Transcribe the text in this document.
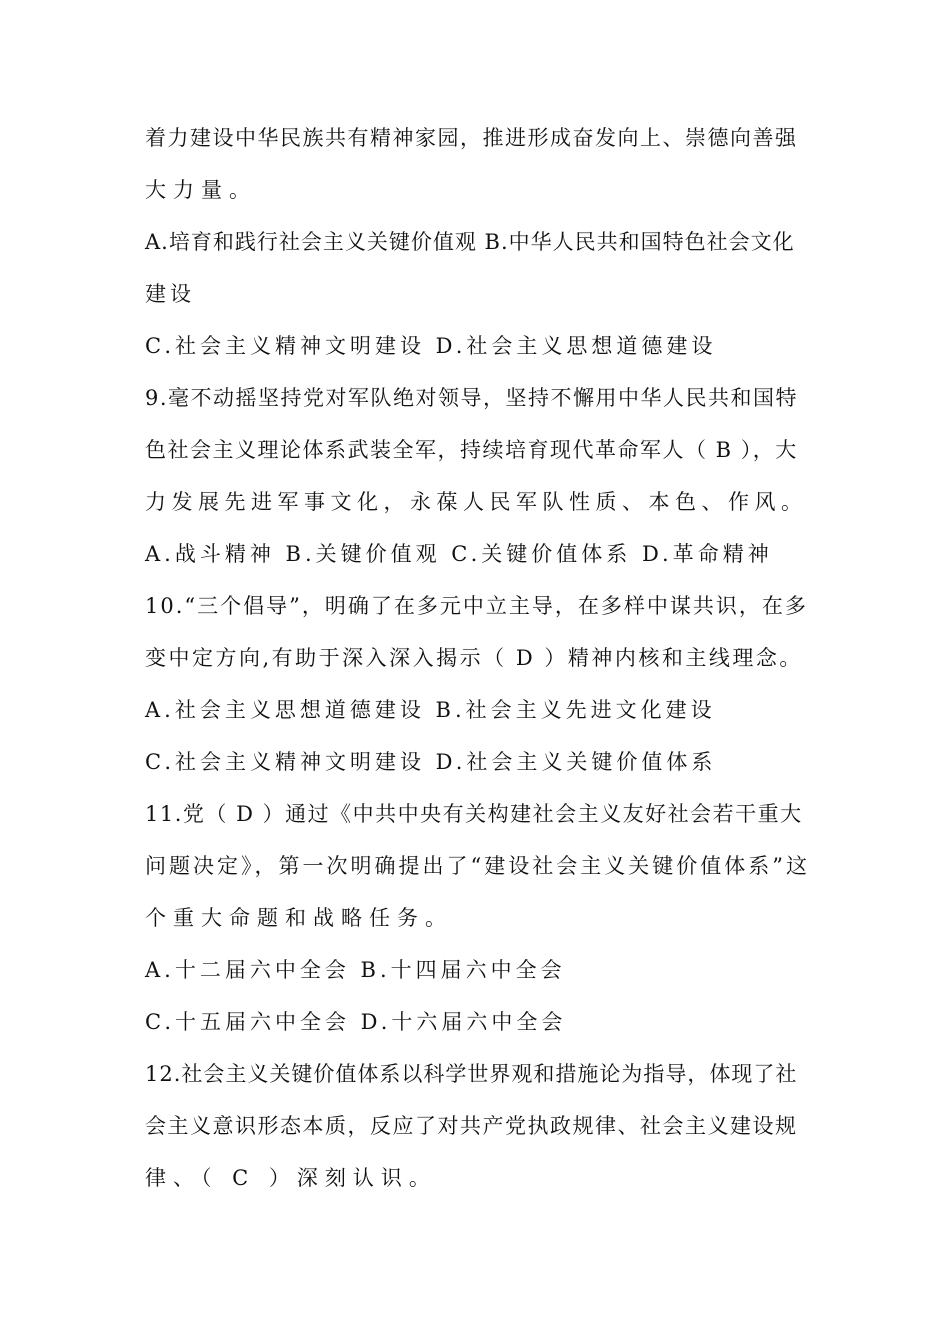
着力建设中华民族共有精神家园，推进形成奋发向上、崇德向善强

大力量。

A.培育和践行社会主义关键价值观 B.中华人民共和国特色社会文化

建设

C.社会主义精神文明建设 D.社会主义思想道德建设

9.毫不动摇坚持党对军队绝对领导，坚持不懈用中华人民共和国特

色社会主义理论体系武装全军，持续培育现代革命军人（ B ），大

力发展先进军事文化，永葆人民军队性质、本色、作风。

A.战斗精神 B.关键价值观 C.关键价值体系 D.革命精神

10.“三个倡导”，明确了在多元中立主导，在多样中谋共识，在多

变中定方向,有助于深入深入揭示（ D ）精神内核和主线理念。

A.社会主义思想道德建设 B.社会主义先进文化建设

C.社会主义精神文明建设 D.社会主义关键价值体系

11.党（ D ）通过《中共中央有关构建社会主义友好社会若干重大

问题决定》，第一次明确提出了“建设社会主义关键价值体系”这

个重大命题和战略任务。

A.十二届六中全会 B.十四届六中全会

C.十五届六中全会 D.十六届六中全会

12.社会主义关键价值体系以科学世界观和措施论为指导，体现了社

会主义意识形态本质，反应了对共产党执政规律、社会主义建设规

律、（ C ）深刻认识。
